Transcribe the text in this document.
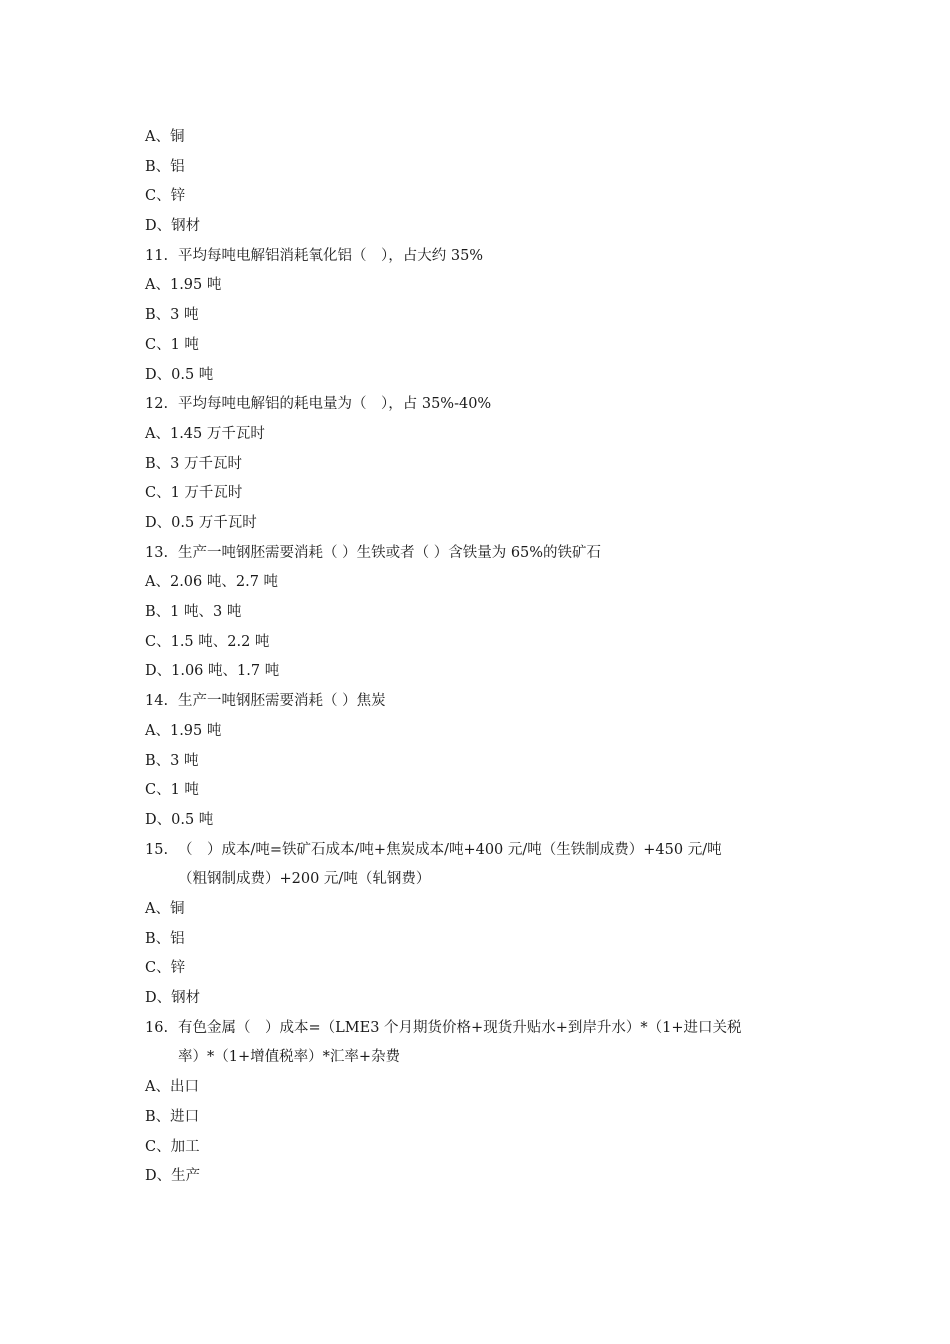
A、铜
B、铝
C、锌
D、钢材
11. 平均每吨电解铝消耗氧化铝（　），占大约 35%
A、1.95 吨
B、3 吨
C、1 吨
D、0.5 吨
12. 平均每吨电解铝的耗电量为（　），占 35%-40%
A、1.45 万千瓦时
B、3 万千瓦时
C、1 万千瓦时
D、0.5 万千瓦时
13. 生产一吨钢胚需要消耗（ ）生铁或者（ ）含铁量为 65%的铁矿石
A、2.06 吨、2.7 吨
B、1 吨、3 吨
C、1.5 吨、2.2 吨
D、1.06 吨、1.7 吨
14. 生产一吨钢胚需要消耗（ ）焦炭
A、1.95 吨
B、3 吨
C、1 吨
D、0.5 吨
15. （　）成本/吨=铁矿石成本/吨+焦炭成本/吨+400 元/吨（生铁制成费）+450 元/吨
（粗钢制成费）+200 元/吨（轧钢费）
A、铜
B、铝
C、锌
D、钢材
16. 有色金属（　）成本=（LME3 个月期货价格+现货升贴水+到岸升水）*（1+进口关税
率）*（1+增值税率）*汇率+杂费
A、出口
B、进口
C、加工
D、生产
